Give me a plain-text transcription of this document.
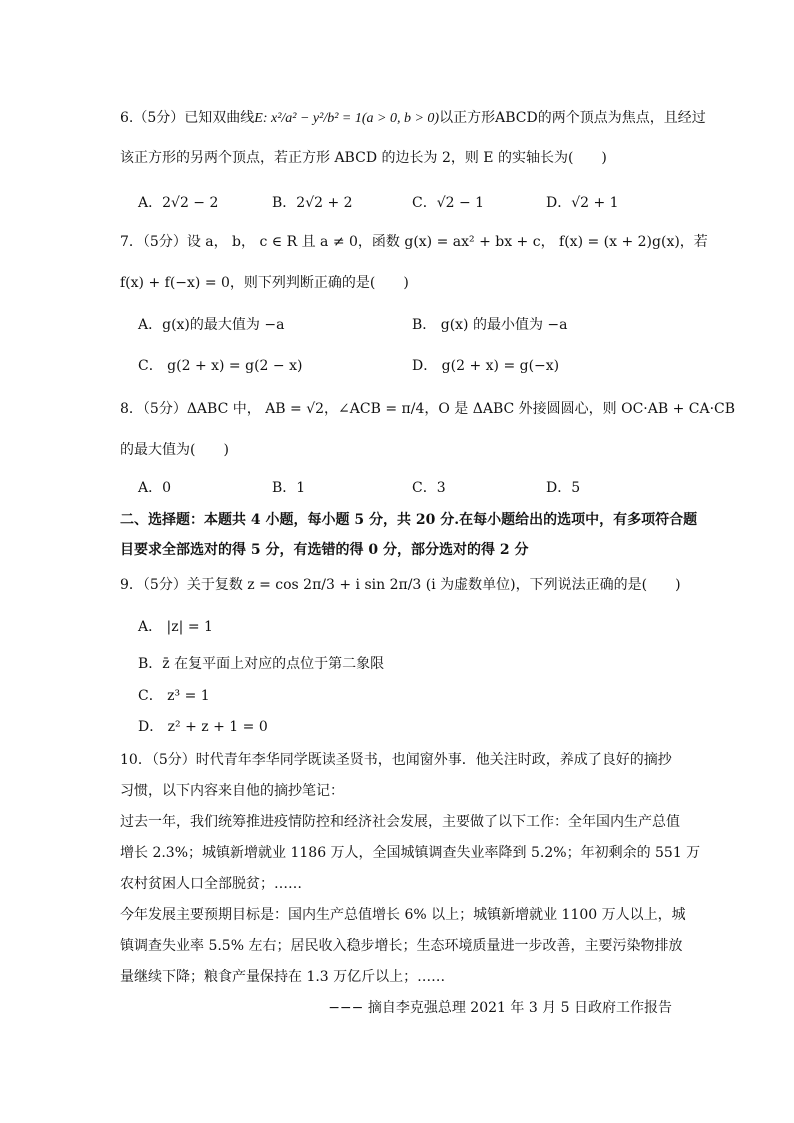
6.（5分）已知双曲线E: x²/a² − y²/b² = 1(a > 0, b > 0)以正方形ABCD的两个顶点为焦点，且经过
该正方形的另两个顶点，若正方形 ABCD 的边长为 2，则 E 的实轴长为(　　)
A．2√2 − 2	B．2√2 + 2	C．√2 − 1	D．√2 + 1
7．（5分）设 a， b， c ∈ R 且 a ≠ 0，函数 g(x) = ax² + bx + c， f(x) = (x + 2)g(x)，若
f(x) + f(−x) = 0，则下列判断正确的是(　　)
A．g(x)的最大值为 −a	B． g(x) 的最小值为 −a
C． g(2 + x) = g(2 − x)	D． g(2 + x) = g(−x)
8．（5分）ΔABC 中， AB = √2，∠ACB = π/4，O 是 ΔABC 外接圆圆心，则 OC·AB + CA·CB
的最大值为(　　)
A．0	B．1	C．3	D．5
二、选择题：本题共 4 小题，每小题 5 分，共 20 分.在每小题给出的选项中，有多项符合题
目要求全部选对的得 5 分，有选错的得 0 分，部分选对的得 2 分
9．（5分）关于复数 z = cos 2π/3 + i sin 2π/3 (i 为虚数单位)，下列说法正确的是(　　)
A． |z| = 1
B．z̄ 在复平面上对应的点位于第二象限
C． z³ = 1
D． z² + z + 1 = 0
10．（5分）时代青年李华同学既读圣贤书，也闻窗外事．他关注时政，养成了良好的摘抄
习惯，以下内容来自他的摘抄笔记：
过去一年，我们统筹推进疫情防控和经济社会发展，主要做了以下工作：全年国内生产总值
增长 2.3%；城镇新增就业 1186 万人，全国城镇调查失业率降到 5.2%；年初剩余的 551 万
农村贫困人口全部脱贫；……
今年发展主要预期目标是：国内生产总值增长 6% 以上；城镇新增就业 1100 万人以上，城
镇调查失业率 5.5% 左右；居民收入稳步增长；生态环境质量进一步改善，主要污染物排放
量继续下降；粮食产量保持在 1.3 万亿斤以上；……
−−− 摘自李克强总理 2021 年 3 月 5 日政府工作报告
